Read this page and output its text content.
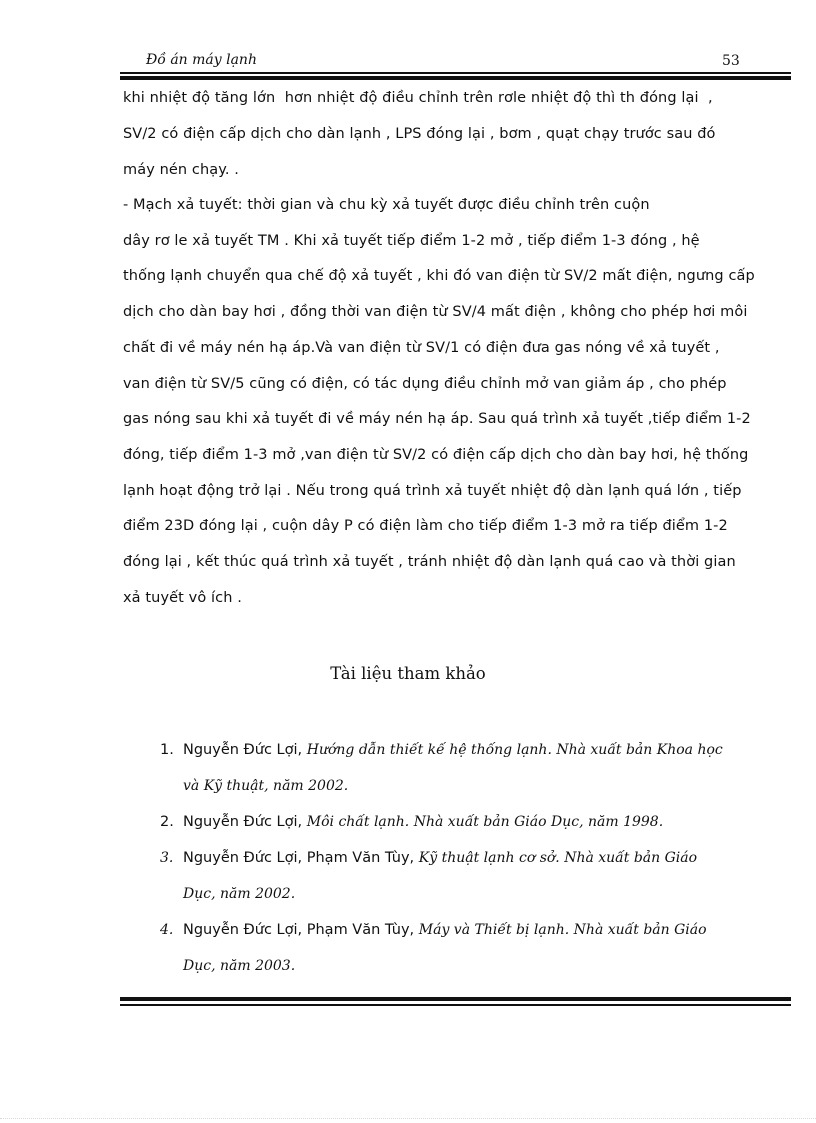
Đồ án máy lạnh	53
khi nhiệt độ tăng lớn  hơn nhiệt độ điều chỉnh trên rơle nhiệt độ thì th đóng lại  ,
SV/2 có điện cấp dịch cho dàn lạnh , LPS đóng lại , bơm , quạt chạy trước sau đó
máy nén chạy. .
- Mạch xả tuyết: thời gian và chu kỳ xả tuyết được điều chỉnh trên cuộn
dây rơ le xả tuyết TM . Khi xả tuyết tiếp điểm 1-2 mở , tiếp điểm 1-3 đóng , hệ
thống lạnh chuyển qua chế độ xả tuyết , khi đó van điện từ SV/2 mất điện, ngưng cấp
dịch cho dàn bay hơi , đồng thời van điện từ SV/4 mất điện , không cho phép hơi môi
chất đi về máy nén hạ áp.Và van điện từ SV/1 có điện đưa gas nóng về xả tuyết ,
van điện từ SV/5 cũng có điện, có tác dụng điều chỉnh mở van giảm áp , cho phép
gas nóng sau khi xả tuyết đi về máy nén hạ áp. Sau quá trình xả tuyết ,tiếp điểm 1-2
đóng, tiếp điểm 1-3 mở ,van điện từ SV/2 có điện cấp dịch cho dàn bay hơi, hệ thống
lạnh hoạt động trở lại . Nếu trong quá trình xả tuyết nhiệt độ dàn lạnh quá lớn , tiếp
điểm 23D đóng lại , cuộn dây P có điện làm cho tiếp điểm 1-3 mở ra tiếp điểm 1-2
đóng lại , kết thúc quá trình xả tuyết , tránh nhiệt độ dàn lạnh quá cao và thời gian
xả tuyết vô ích .
Tài liệu tham khảo
1. Nguyễn Đức Lợi, Hướng dẫn thiết kế hệ thống lạnh. Nhà xuất bản Khoa học
và Kỹ thuật, năm 2002.
2. Nguyễn Đức Lợi, Môi chất lạnh. Nhà xuất bản Giáo Dục, năm 1998.
3. Nguyễn Đức Lợi, Phạm Văn Tùy, Kỹ thuật lạnh cơ sở. Nhà xuất bản Giáo
Dục, năm 2002.
4. Nguyễn Đức Lợi, Phạm Văn Tùy, Máy và Thiết bị lạnh. Nhà xuất bản Giáo
Dục, năm 2003.
